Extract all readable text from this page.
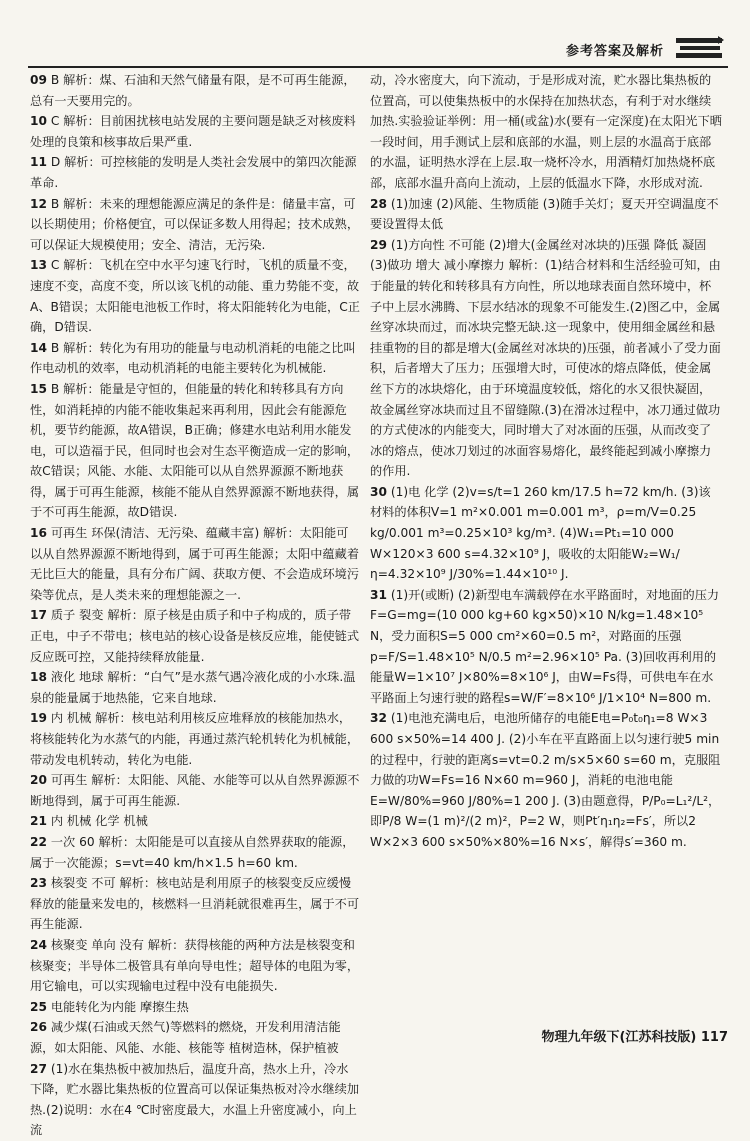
参考答案及解析
09 B 解析：煤、石油和天然气储量有限，是不可再生能源，总有一天要用完的。
10 C 解析：目前困扰核电站发展的主要问题是缺乏对核废料处理的良策和核事故后果严重.
11 D 解析：可控核能的发明是人类社会发展中的第四次能源革命.
12 B 解析：未来的理想能源应满足的条件是：储量丰富，可以长期使用；价格便宜，可以保证多数人用得起；技术成熟，可以保证大规模使用；安全、清洁，无污染.
13 C 解析：飞机在空中水平匀速飞行时，飞机的质量不变，速度不变，高度不变，所以该飞机的动能、重力势能不变，故A、B错误；太阳能电池板工作时，将太阳能转化为电能，C正确，D错误.
14 B 解析：转化为有用功的能量与电动机消耗的电能之比叫作电动机的效率，电动机消耗的电能主要转化为机械能.
15 B 解析：能量是守恒的，但能量的转化和转移具有方向性，如消耗掉的内能不能收集起来再利用，因此会有能源危机，要节约能源，故A错误，B正确；修建水电站利用水能发电，可以造福于民，但同时也会对生态平衡造成一定的影响，故C错误；风能、水能、太阳能可以从自然界源源不断地获得，属于可再生能源，核能不能从自然界源源不断地获得，属于不可再生能源，故D错误.
16 可再生 环保(清洁、无污染、蕴藏丰富) 解析：太阳能可以从自然界源源不断地得到，属于可再生能源；太阳中蕴藏着无比巨大的能量，具有分布广阔、获取方便、不会造成环境污染等优点，是人类未来的理想能源之一.
17 质子 裂变 解析：原子核是由质子和中子构成的，质子带正电，中子不带电；核电站的核心设备是核反应堆，能使链式反应既可控，又能持续释放能量.
18 液化 地球 解析：“白气”是水蒸气遇冷液化成的小水珠.温泉的能量属于地热能，它来自地球.
19 内 机械 解析：核电站利用核反应堆释放的核能加热水，将核能转化为水蒸气的内能，再通过蒸汽轮机转化为机械能，带动发电机转动，转化为电能.
20 可再生 解析：太阳能、风能、水能等可以从自然界源源不断地得到，属于可再生能源.
21 内 机械 化学 机械
22 一次 60 解析：太阳能是可以直接从自然界获取的能源，属于一次能源；s=vt=40 km/h×1.5 h=60 km.
23 核裂变 不可 解析：核电站是利用原子的核裂变反应缓慢释放的能量来发电的，核燃料一旦消耗就很难再生，属于不可再生能源.
24 核聚变 单向 没有 解析：获得核能的两种方法是核裂变和核聚变；半导体二极管具有单向导电性；超导体的电阻为零，用它输电，可以实现输电过程中没有电能损失.
25 电能转化为内能 摩擦生热
26 减少煤(石油或天然气)等燃料的燃烧，开发利用清洁能源，如太阳能、风能、水能、核能等 植树造林，保护植被
27 (1)水在集热板中被加热后，温度升高，热水上升，冷水下降，贮水器比集热板的位置高可以保证集热板对冷水继续加热.(2)说明：水在4 ℃时密度最大，水温上升密度减小，向上流
动，冷水密度大，向下流动，于是形成对流，贮水器比集热板的位置高，可以使集热板中的水保持在加热状态，有利于对水继续加热.实验验证举例：用一桶(或盆)水(要有一定深度)在太阳光下晒一段时间，用手测试上层和底部的水温，则上层的水温高于底部的水温，证明热水浮在上层.取一烧杯冷水，用酒精灯加热烧杯底部，底部水温升高向上流动，上层的低温水下降，水形成对流.
28 (1)加速 (2)风能、生物质能 (3)随手关灯；夏天开空调温度不要设置得太低
29 (1)方向性 不可能 (2)增大(金属丝对冰块的)压强 降低 凝固 (3)做功 增大 减小摩擦力 解析：(1)结合材料和生活经验可知，由于能量的转化和转移具有方向性，所以地球表面自然环境中，杯子中上层水沸腾、下层水结冰的现象不可能发生.(2)图乙中，金属丝穿冰块而过，而冰块完整无缺.这一现象中，使用细金属丝和悬挂重物的目的都是增大(金属丝对冰块的)压强，前者减小了受力面积，后者增大了压力；压强增大时，可使冰的熔点降低，使金属丝下方的冰块熔化，由于环境温度较低，熔化的水又很快凝固，故金属丝穿冰块而过且不留缝隙.(3)在滑冰过程中，冰刀通过做功的方式使冰的内能变大，同时增大了对冰面的压强，从而改变了冰的熔点，使冰刀划过的冰面容易熔化，最终能起到减小摩擦力的作用.
30 (1)电 化学 (2)v=s/t=1 260 km/17.5 h=72 km/h. (3)该材料的体积V=1 m²×0.001 m=0.001 m³，ρ=m/V=0.25 kg/0.001 m³=0.25×10³ kg/m³. (4)W₁=Pt₁=10 000 W×120×3 600 s=4.32×10⁹ J，吸收的太阳能W₂=W₁/η=4.32×10⁹ J/30%=1.44×10¹⁰ J.
31 (1)开(或断) (2)新型电车满载停在水平路面时，对地面的压力F=G=mg=(10 000 kg+60 kg×50)×10 N/kg=1.48×10⁵ N，受力面积S=5 000 cm²×60=0.5 m²，对路面的压强p=F/S=1.48×10⁵ N/0.5 m²=2.96×10⁵ Pa. (3)回收再利用的能量W=1×10⁷ J×80%=8×10⁶ J，由W=Fs得，可供电车在水平路面上匀速行驶的路程s=W/F′=8×10⁶ J/1×10⁴ N=800 m.
32 (1)电池充满电后，电池所储存的电能E电=P₀t₀η₁=8 W×3 600 s×50%=14 400 J. (2)小车在平直路面上以匀速行驶5 min的过程中，行驶的距离s=vt=0.2 m/s×5×60 s=60 m，克服阻力做的功W=Fs=16 N×60 m=960 J，消耗的电池电能E=W/80%=960 J/80%=1 200 J. (3)由题意得，P/P₀=L₁²/L²，即P/8 W=(1 m)²/(2 m)²，P=2 W，则Pt′η₁η₂=Fs′，所以2 W×2×3 600 s×50%×80%=16 N×s′，解得s′=360 m.
物理九年级下(江苏科技版) 117
